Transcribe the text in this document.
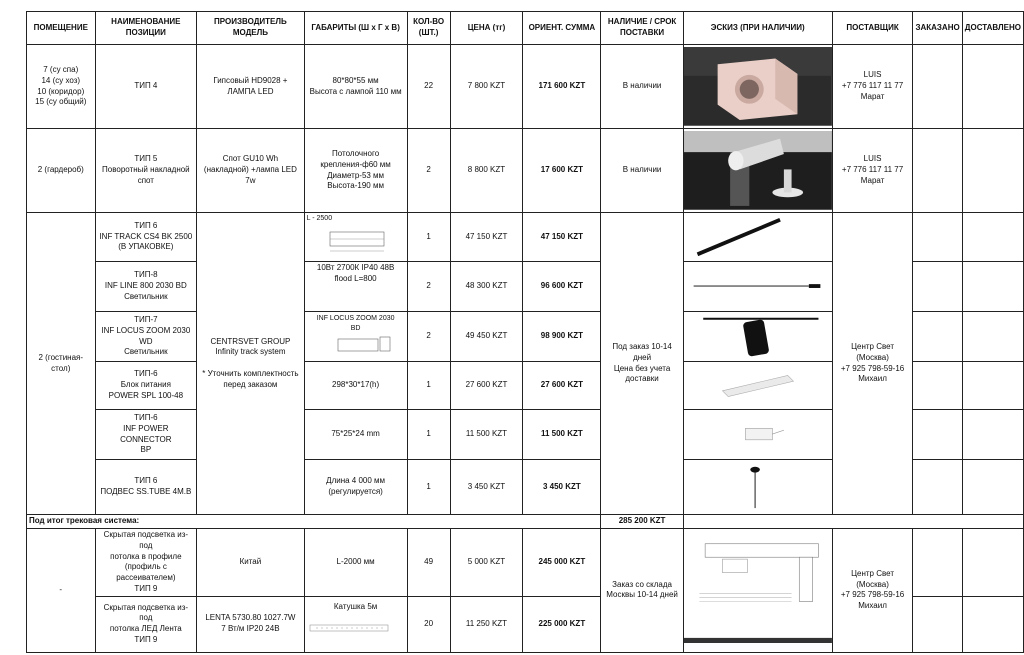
ПОМЕЩЕНИЕ	НАИМЕНОВАНИЕ ПОЗИЦИИ	ПРОИЗВОДИТЕЛЬ МОДЕЛЬ	ГАБАРИТЫ (Ш х Г х В)	КОЛ-ВО (ШТ.)	ЦЕНА (тг)	ОРИЕНТ. СУММА	НАЛИЧИЕ / СРОК ПОСТАВКИ	ЭСКИЗ (ПРИ НАЛИЧИИ)	ПОСТАВЩИК	ЗАКАЗАНО	ДОСТАВЛЕНО
7 (су спа)
14 (су хоз)
10 (коридор)
15 (су общий)	ТИП 4	Гипсовый HD9028 +
ЛАМПА LED	80*80*55 мм
Высота с лампой 110 мм	22	7 800 KZT	171 600 KZT	В наличии		LUIS
+7 776 117 11 77
Марат		
2 (гардероб)	ТИП 5
Поворотный накладной
спот	Спот GU10 Wh
(накладной) +лампа LED
7w	Потолочного
крепления-ф60 мм
Диаметр-53 мм
Высота-190 мм	2	8 800 KZT	17 600 KZT	В наличии		LUIS
+7 776 117 11 77
Марат		
2 (гостиная-стол)	ТИП 6
INF TRACK CS4 BK 2500
(В УПАКОВКЕ)	CENTRSVET GROUP
Infinity track system

* Уточнить комплектность
перед заказом	L - 2500	1	47 150 KZT	47 150 KZT	Под заказ 10-14
дней
Цена без учета
доставки		Центр Свет
(Москва)
+7 925 798-59-16
Михаил		
	ТИП-8
INF LINE 800 2030 BD
Светильник		10Вт 2700К IP40 48В
flood L=800	2	48 300 KZT	96 600 KZT	

	ТИП-7
INF LOCUS ZOOM 2030
WD
Светильник		INF LOCUS ZOOM 2030
BD	2	49 450 KZT	98 900 KZT	

	ТИП-6
Блок питания
POWER SPL 100-48		298*30*17(h)	1	27 600 KZT	27 600 KZT	

	ТИП-6
INF POWER CONNECTOR
BP		75*25*24 mm	1	11 500 KZT	11 500 KZT	

	ТИП 6
ПОДВЕС SS.TUBE 4M.B		Длина 4 000 мм
(регулируется)	1	3 450 KZT	3 450 KZT	

Под итог трековая система:							285 200 KZT				
-	Скрытая подсветка из-под
потолка в профиле
(профиль с
рассеивателем)
ТИП 9	Китай	L-2000 мм	49	5 000 KZT	245 000 KZT	Заказ со склада
Москвы 10-14 дней		Центр Свет
(Москва)
+7 925 798-59-16
Михаил		
	Скрытая подсветка из-под
потолка ЛЕД Лента
ТИП 9	LENTA 5730.80 1027.7W
7 Вт/м IP20 24В	Катушка 5м	20	11 250 KZT	225 000 KZT					
